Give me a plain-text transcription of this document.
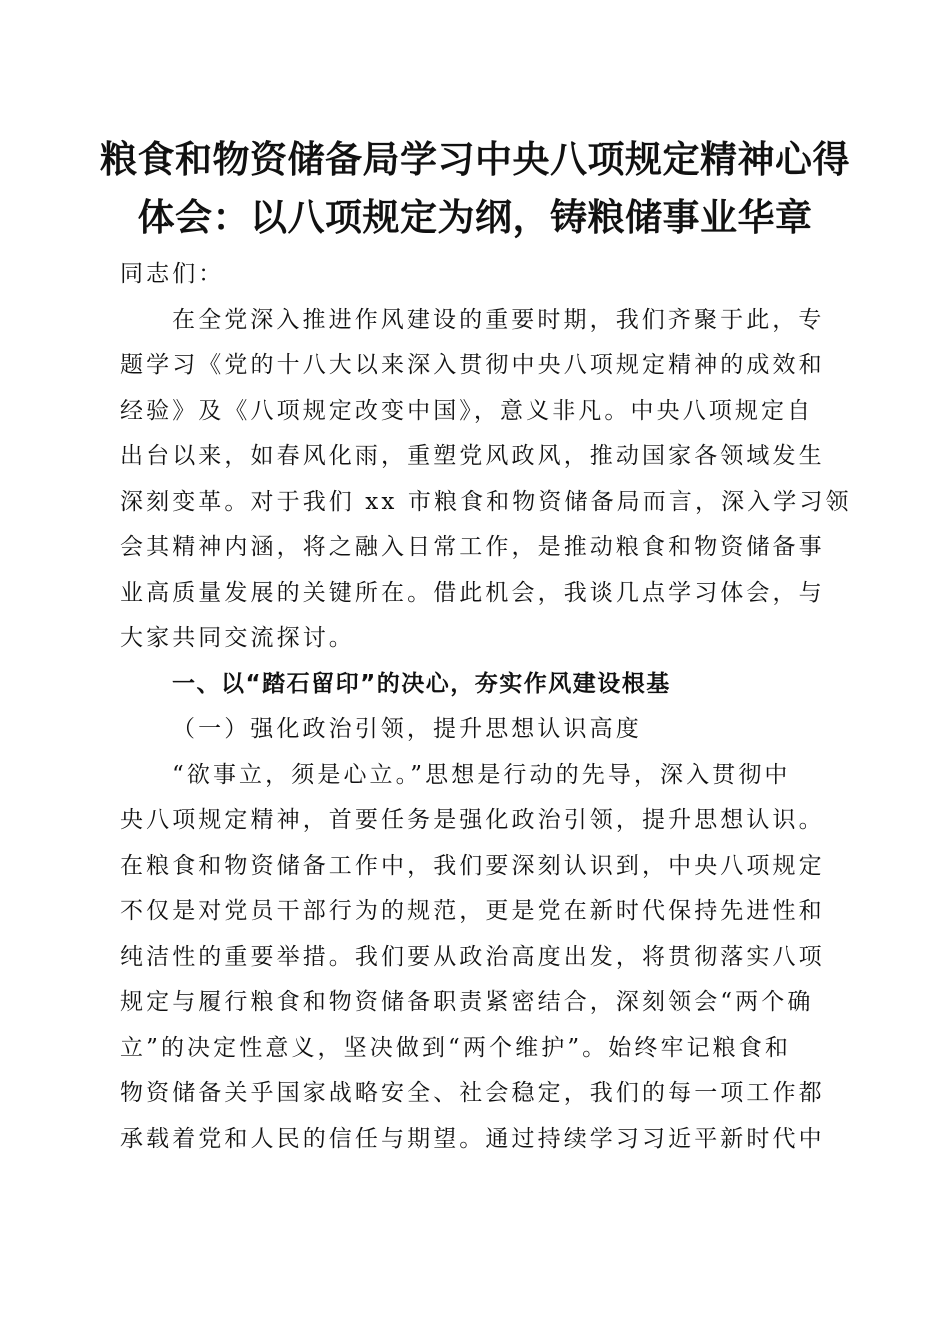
粮食和物资储备局学习中央八项规定精神心得
体会：以八项规定为纲，铸粮储事业华章
同志们：
在全党深入推进作风建设的重要时期，我们齐聚于此，专
题学习《党的十八大以来深入贯彻中央八项规定精神的成效和
经验》及《八项规定改变中国》，意义非凡。中央八项规定自
出台以来，如春风化雨，重塑党风政风，推动国家各领域发生
深刻变革。对于我们 xx 市粮食和物资储备局而言，深入学习领
会其精神内涵，将之融入日常工作，是推动粮食和物资储备事
业高质量发展的关键所在。借此机会，我谈几点学习体会，与
大家共同交流探讨。
一、以“踏石留印”的决心，夯实作风建设根基
（一）强化政治引领，提升思想认识高度
“欲事立，须是心立。”思想是行动的先导，深入贯彻中
央八项规定精神，首要任务是强化政治引领，提升思想认识。
在粮食和物资储备工作中，我们要深刻认识到，中央八项规定
不仅是对党员干部行为的规范，更是党在新时代保持先进性和
纯洁性的重要举措。我们要从政治高度出发，将贯彻落实八项
规定与履行粮食和物资储备职责紧密结合，深刻领会“两个确
立”的决定性意义，坚决做到“两个维护”。始终牢记粮食和
物资储备关乎国家战略安全、社会稳定，我们的每一项工作都
承载着党和人民的信任与期望。通过持续学习习近平新时代中
